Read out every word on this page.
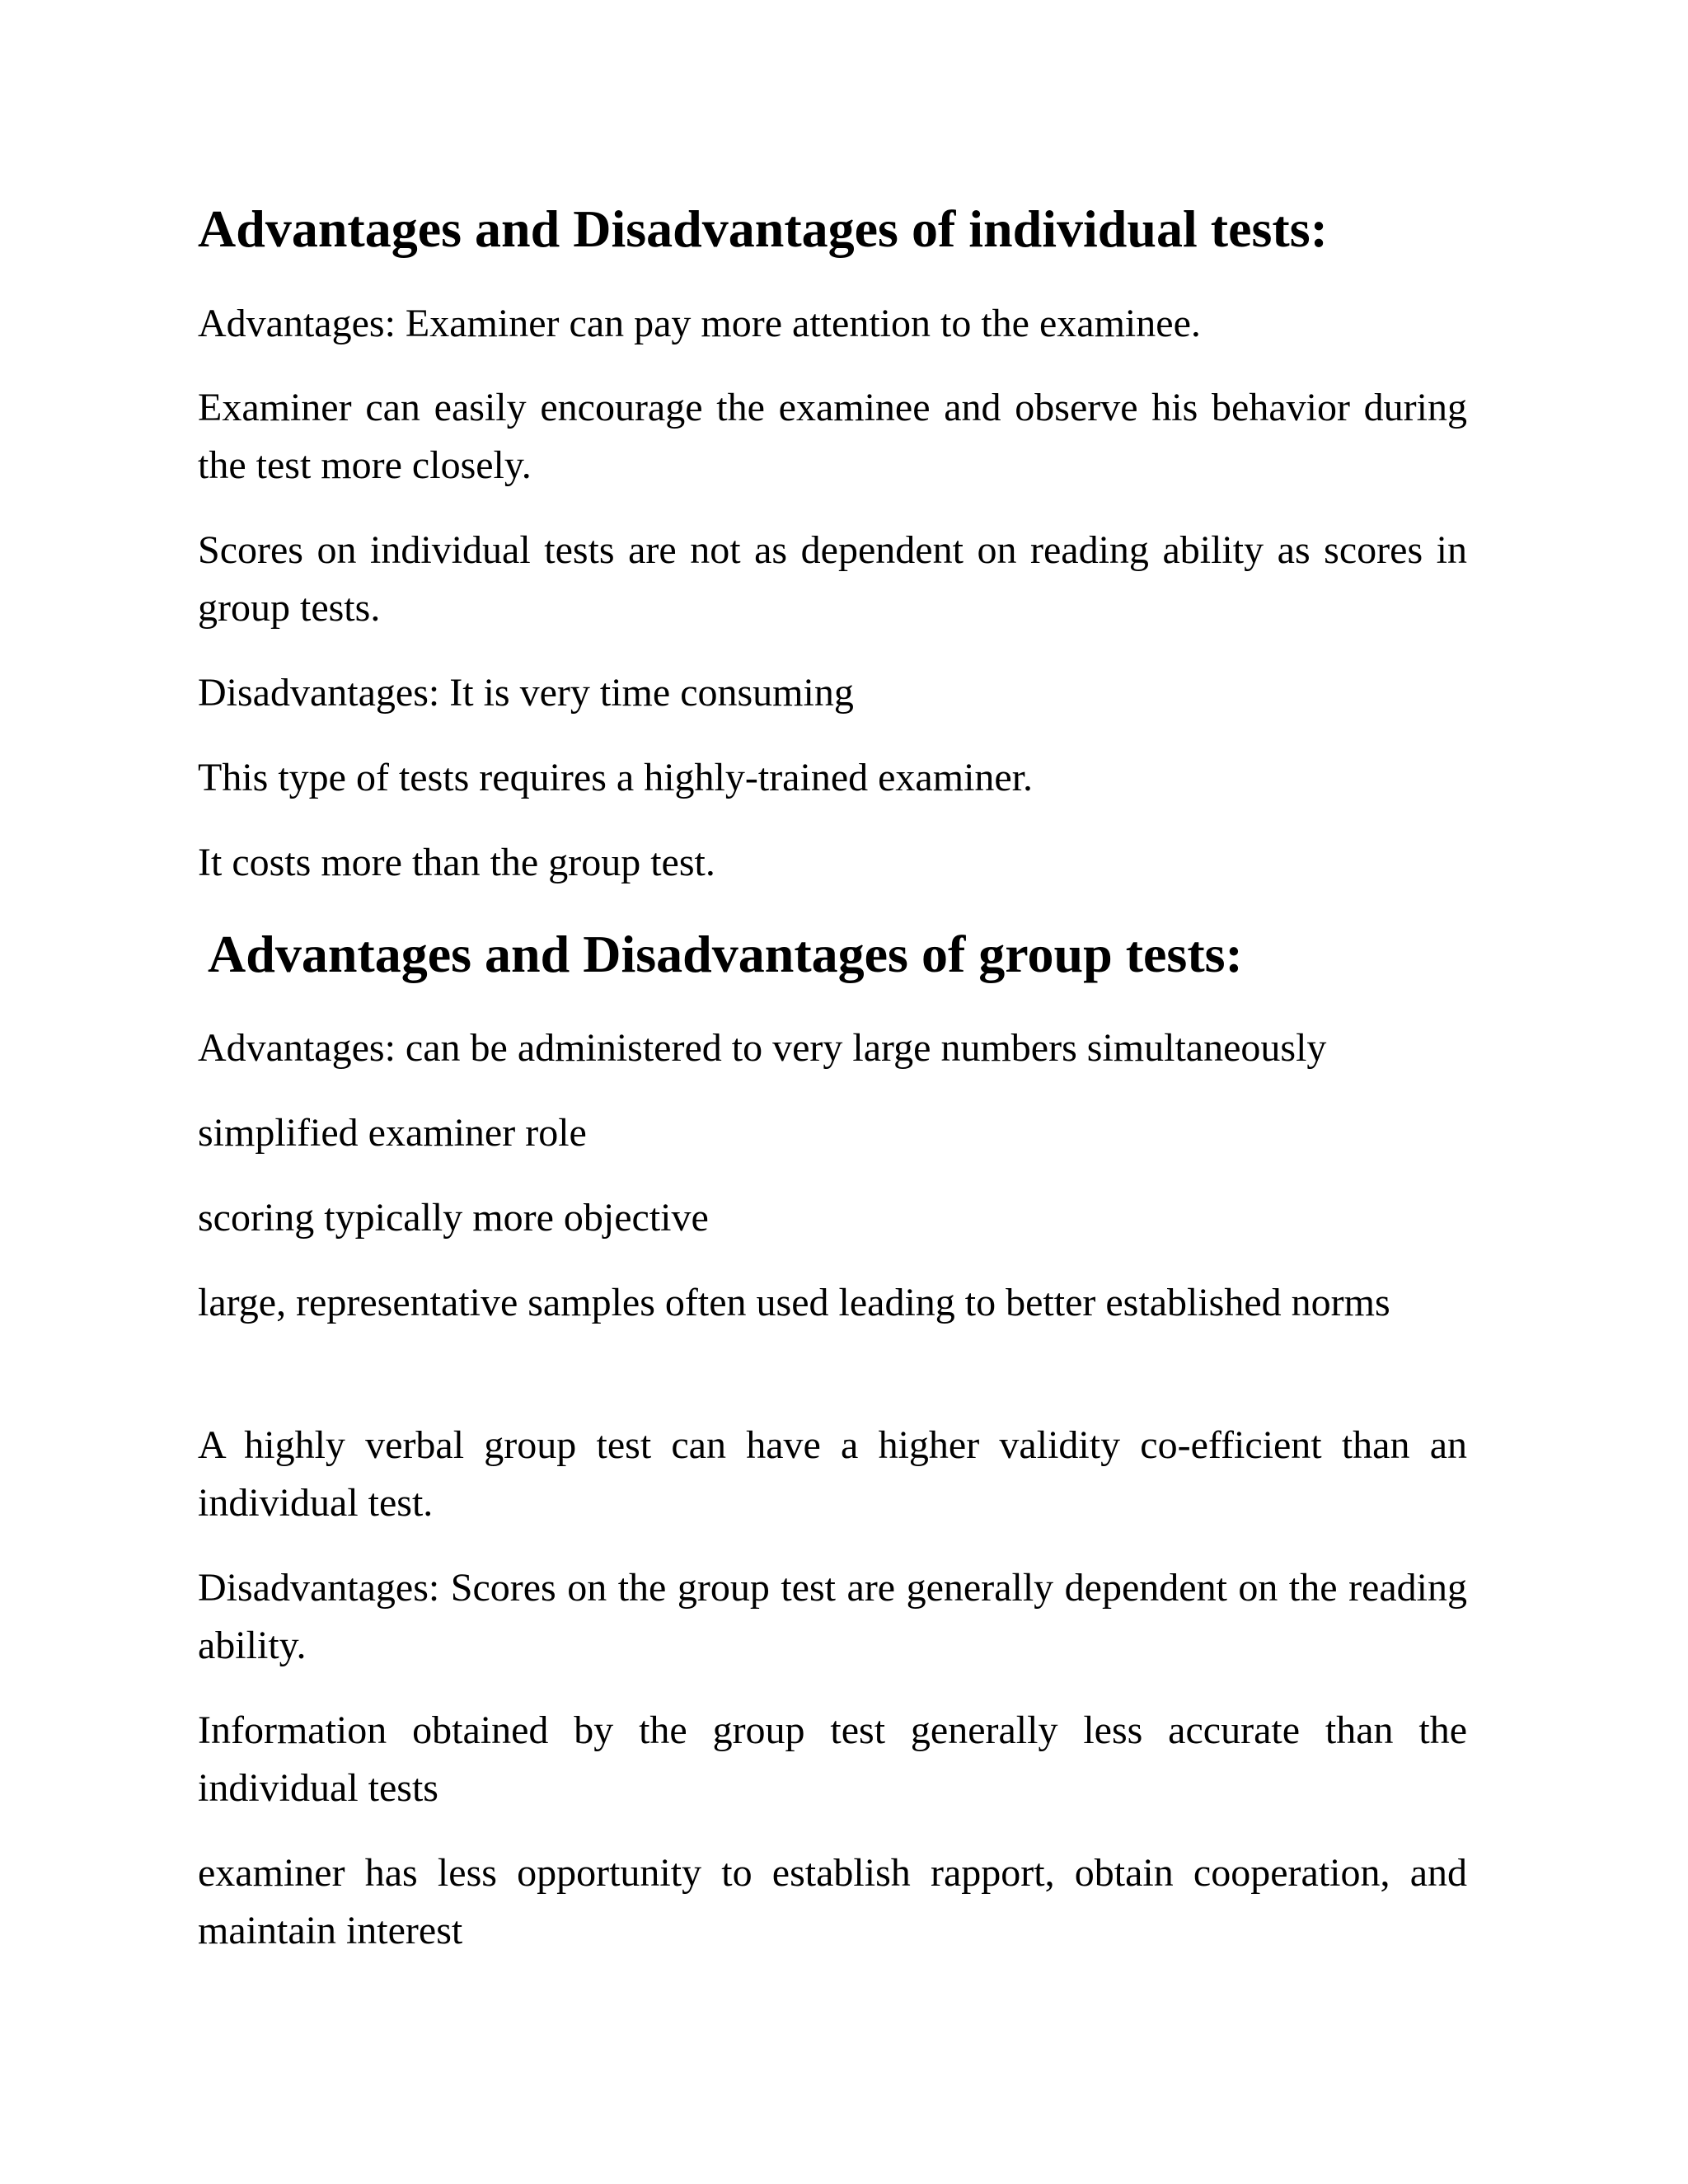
Advantages and Disadvantages of individual tests:

Advantages: Examiner can pay more attention to the examinee.

Examiner can easily encourage the examinee and observe his behavior during the test more closely.

Scores on individual tests are not as dependent on reading ability as scores in group tests.

Disadvantages: It is very time consuming

This type of tests requires a highly-trained examiner.

It costs more than the group test.

Advantages and Disadvantages of group tests:

Advantages: can be administered to very large numbers simultaneously

simplified examiner role

scoring typically more objective

large, representative samples often used leading to better established norms

A highly verbal group test can have a higher validity co-efficient than an individual test.

Disadvantages: Scores on the group test are generally dependent on the reading ability.

Information obtained by the group test generally less accurate than the individual tests

examiner has less opportunity to establish rapport, obtain cooperation, and maintain interest
